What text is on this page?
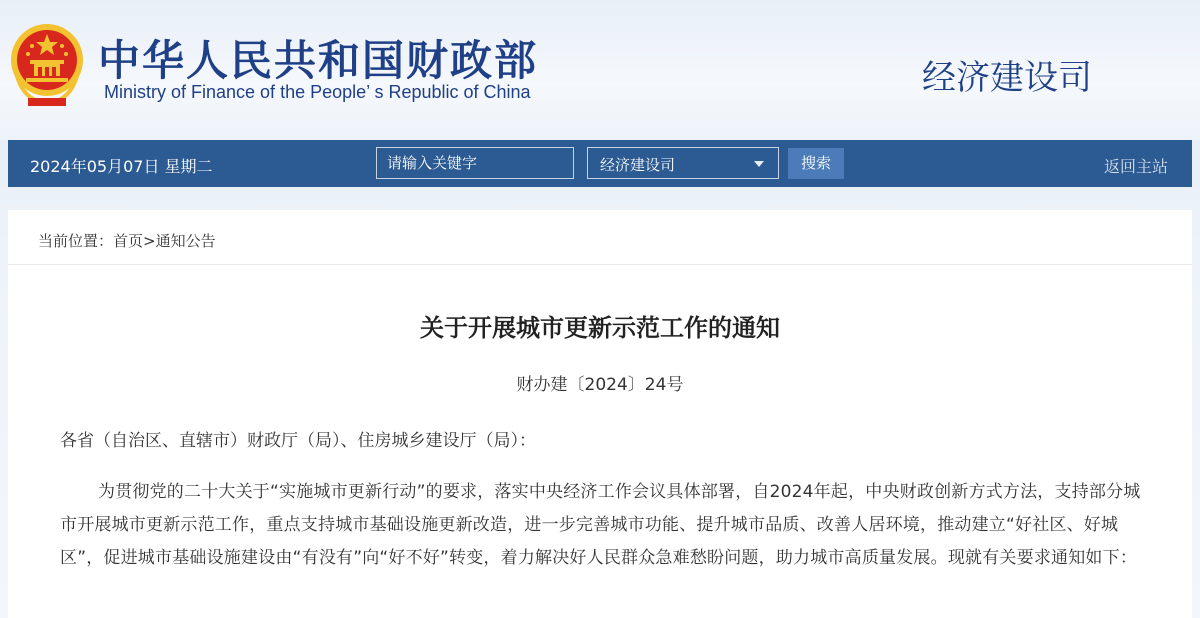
中华人民共和国财政部
Ministry of Finance of the People’ s Republic of China	经济建设司
2024年05月07日 星期二
请输入关键字	经济建设司	搜索	返回主站
当前位置：首页>通知公告
关于开展城市更新示范工作的通知
财办建〔2024〕24号
各省（自治区、直辖市）财政厅（局）、住房城乡建设厅（局）：
为贯彻党的二十大关于“实施城市更新行动”的要求，落实中央经济工作会议具体部署，自2024年起，中央财政创新方式方法，支持部分城市开展城市更新示范工作，重点支持城市基础设施更新改造，进一步完善城市功能、提升城市品质、改善人居环境，推动建立“好社区、好城区”，促进城市基础设施建设由“有没有”向“好不好”转变，着力解决好人民群众急难愁盼问题，助力城市高质量发展。现就有关要求通知如下：
